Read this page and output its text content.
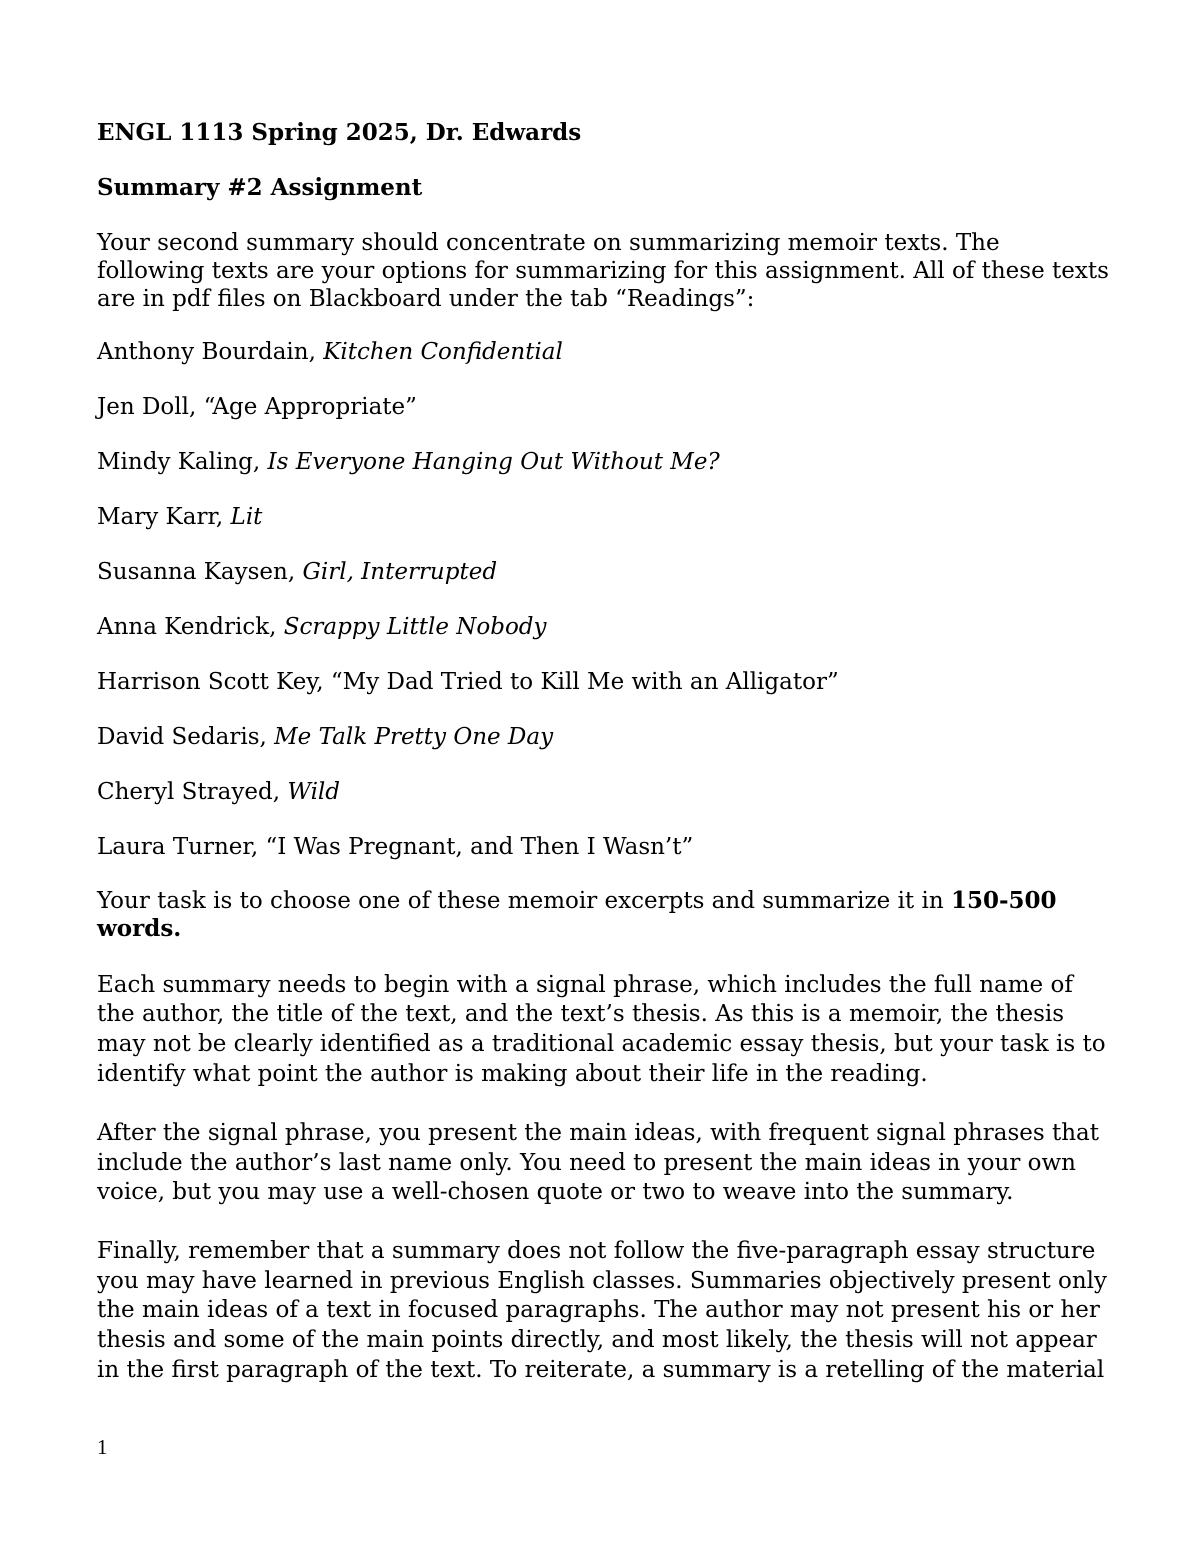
ENGL 1113 Spring 2025, Dr. Edwards
Summary #2 Assignment
Your second summary should concentrate on summarizing memoir texts. The
following texts are your options for summarizing for this assignment. All of these texts
are in pdf files on Blackboard under the tab “Readings”:
Anthony Bourdain, Kitchen Confidential
Jen Doll, “Age Appropriate”
Mindy Kaling, Is Everyone Hanging Out Without Me?
Mary Karr, Lit
Susanna Kaysen, Girl, Interrupted
Anna Kendrick, Scrappy Little Nobody
Harrison Scott Key, “My Dad Tried to Kill Me with an Alligator”
David Sedaris, Me Talk Pretty One Day
Cheryl Strayed, Wild
Laura Turner, “I Was Pregnant, and Then I Wasn’t”
Your task is to choose one of these memoir excerpts and summarize it in 150-500
words.
Each summary needs to begin with a signal phrase, which includes the full name of
the author, the title of the text, and the text’s thesis. As this is a memoir, the thesis
may not be clearly identified as a traditional academic essay thesis, but your task is to
identify what point the author is making about their life in the reading.
After the signal phrase, you present the main ideas, with frequent signal phrases that
include the author’s last name only. You need to present the main ideas in your own
voice, but you may use a well-chosen quote or two to weave into the summary.
Finally, remember that a summary does not follow the five-paragraph essay structure
you may have learned in previous English classes. Summaries objectively present only
the main ideas of a text in focused paragraphs. The author may not present his or her
thesis and some of the main points directly, and most likely, the thesis will not appear
in the first paragraph of the text. To reiterate, a summary is a retelling of the material
1
